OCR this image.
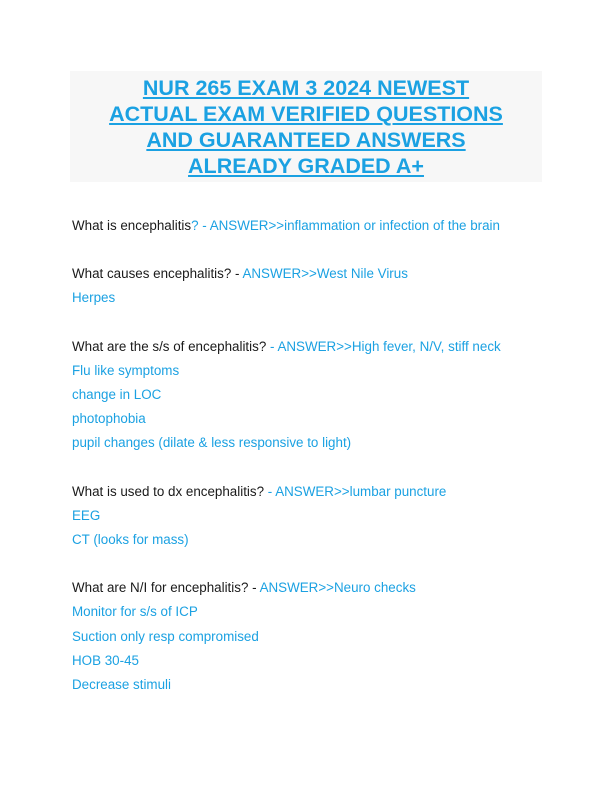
NUR 265 EXAM 3 2024 NEWEST
ACTUAL EXAM VERIFIED QUESTIONS
AND GUARANTEED ANSWERS
ALREADY GRADED A+
What is encephalitis? - ANSWER>>inflammation or infection of the brain
What causes encephalitis? - ANSWER>>West Nile Virus
Herpes
What are the s/s of encephalitis? - ANSWER>>High fever, N/V, stiff neck
Flu like symptoms
change in LOC
photophobia
pupil changes (dilate & less responsive to light)
What is used to dx encephalitis? - ANSWER>>lumbar puncture
EEG
CT (looks for mass)
What are N/I for encephalitis? - ANSWER>>Neuro checks
Monitor for s/s of ICP
Suction only resp compromised
HOB 30-45
Decrease stimuli
